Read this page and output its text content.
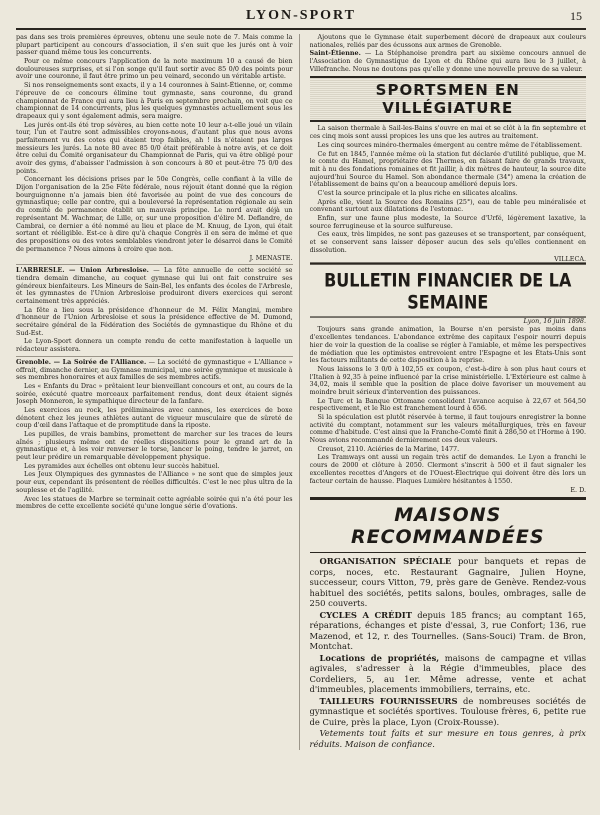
LYON-SPORT	15

pas dans ses trois premières épreuves, obtenu une seule note de 7. Mais comme la plupart participent au concours d'association, il s'en suit que les jurés ont à voir passer quand même tous les concurrents.

Pour ce même concours l'application de la note maximum 10 a causé de bien douloureuses surprises, et si l'on songe qu'il faut sortir avec 85 0/0 des points pour avoir une couronne, il faut être primo un peu veinard, secondo un véritable artiste.

Si nos renseignements sont exacts, il y a 14 couronnes à Saint-Étienne, or, comme l'épreuve de ce concours élimine tout gymnaste, sans couronne, du grand championnat de France qui aura lieu à Paris en septembre prochain, on voit que ce championnat de 14 concurrents, plus les quelques gymnastes actuellement sous les drapeaux qui y sont également admis, sera maigre.

Les jurés ont-ils été trop sévères, au bien cette note 10 leur a-t-elle joué un vilain tour, l'un et l'autre sont admissibles croyons-nous, d'autant plus que nous avons parfaitement vu des cotes qui étaient trop faibles, ah ! ils n'étaient pas larges messieurs les jurés. La note 80 avec 85 0/0 était préférable à notre avis, et ce doit être celui du Comité organisateur du Championnat de Paris, qui va être obligé pour avoir des gyms, d'abaisser l'admission à son concours à 80 et peut-être 75 0/0 des points.

Concernant les décisions prises par le 50e Congrès, celle confiant à la ville de Dijon l'organisation de la 25e Fête fédérale, nous réjouit étant donné que la région bourguignonne n'a jamais bien été favorisée au point de vue des concours de gymnastique; celle par contre, qui a bouleversé la représentation régionale au sein du comité de permanence établit un mauvais principe. Le nord avait déjà un représentant M. Wachmar, de Lille, or, sur une proposition d'élire M. Deflandre, de Cambrai, ce dernier a été nommé au lieu et place de M. Knuug, de Lyon, qui était sortant et rééligible. Est-ce à dire qu'à chaque Congrès il en sera de même et que des propositions ou des votes semblables viendront jeter le désarroi dans le Comité de permanence ? Nous aimons à croire que non.

J. MENASTE.

L'ARBRESLE. — Union Arbresloise. — La fête annuelle de cette société se tiendra demain dimanche, au coquet gymnase qui lui ont fait construire ses généreux bienfaiteurs. Les Mineurs de Sain-Bel, les enfants des écoles de l'Arbresle, et les gymnastes de l'Union Arbresloise produiront divers exercices qui seront certainement très appréciés.

La fête a lieu sous la présidence d'honneur de M. Félix Mangini, membre d'honneur de l'Union Arbresloise et sous la présidence effective de M. Dumond, secrétaire général de la Fédération des Sociétés de gymnastique du Rhône et du Sud-Est.

Le Lyon-Sport donnera un compte rendu de cette manifestation à laquelle un rédacteur assistera.

Grenoble. — La Soirée de l'Alliance. — La société de gymnastique « L'Alliance » offrait, dimanche dernier, au Gymnase municipal, une soirée gymnique et musicale à ses membres honoraires et aux familles de ses membres actifs.

Les « Enfants du Drac » prêtaient leur bienveillant concours et ont, au cours de la soirée, exécuté quatre morceaux parfaitement rendus, dont deux étaient signés Joseph Monneron, le sympathique directeur de la fanfare.

Les exercices au rock, les préliminaires avec cannes, les exercices de boxe dénotent chez les jeunes athlètes autant de vigueur musculaire que de sûreté de coup d'œil dans l'attaque et de promptitude dans la riposte.

Les pupilles, de vrais bambins, promettent de marcher sur les traces de leurs aînés ; plusieurs même ont de réelles dispositions pour le grand art de la gymnastique et, à les voir renverser le torse, lancer le poing, tendre le jarret, on peut leur prédire un remarquable développement physique.

Les pyramides aux échelles ont obtenu leur succès habituel.

Les Jeux Olympiques des gymnastes de l'Alliance » ne sont que de simples jeux pour eux, cependant ils présentent de réelles difficultés. C'est le nec plus ultra de la souplesse et de l'agilité.

Avec les statues de Marbre se terminait cette agréable soirée qui n'a été pour les membres de cette excellente société qu'une longue série d'ovations.

Ajoutons que le Gymnase était superbement décoré de drapeaux aux couleurs nationales, reliés par des écussons aux armes de Grenoble.

Saint-Étienne. — La Stéphanoise prendra part au sixième concours annuel de l'Association de Gymnastique de Lyon et du Rhône qui aura lieu le 3 juillet, à Villefranche. Nous ne doutons pas qu'elle y donne une nouvelle preuve de sa valeur.

SPORTSMEN EN VILLÉGIATURE

La saison thermale à Sail-les-Bains s'ouvre en mai et se clôt à la fin septembre et ces cinq mois sont aussi propices les uns que les autres au traitement.

Les cinq sources minéro-thermales émergent au centre même de l'établissement.

Ce fut en 1845, l'année même où la station fut déclarée d'utilité publique, que M. le comte du Hamel, propriétaire des Thermes, en faisant faire de grands travaux, mit à nu des fondations romaines et fit jaillir, à dix mètres de hauteur, la source dite aujourd'hui Source du Hamel. Son abondance thermale (34°) amena la création de l'établissement de bains qu'on a beaucoup amélioré depuis lors.

C'est la source principale et la plus riche en silicates alcalins.

Après elle, vient la Source des Romains (25°), eau de table peu minéralisée et convenant surtout aux dilatations de l'estomac.

Enfin, sur une faune plus modeste, la Source d'Urfé, légèrement laxative, la source ferrugineuse et la source sulfureuse.

Ces eaux, très limpides, ne sont pas gazeuses et se transportent, par conséquent, et se conservent sans laisser déposer aucun des sels qu'elles contiennent en dissolution.

VILLECA.
BULLETIN FINANCIER DE LA SEMAINE
Lyon, 16 juin 1898.

Toujours sans grande animation, la Bourse n'en persiste pas moins dans d'excellentes tendances. L'abondance extrême des capitaux l'espoir nourri depuis hier de voir la question de la coalise se régler à l'amiable, et même les perspectives de médiation que les optimistes entrevoient entre l'Espagne et les États-Unis sont les facteurs militants de cette disposition à la reprise.

Nous laissons le 3 0/0 à 102,55 ex coupon, c'est-à-dire à son plus haut cours et l'Italien à 92,35 à peine influencé par la crise ministérielle. L'Extérieure est calme à 34,02, mais il semble que la position de place doive favoriser un mouvement au moindre bruit sérieux d'intervention des puissances.

Le Turc et la Banque Ottomane consolident l'avance acquise à 22,67 et 564,50 respectivement, et le Rio est franchement lourd à 656.

Si la spéculation est plutôt réservée à terme, il faut toujours enregistrer la bonne activité du comptant, notamment sur les valeurs métallurgiques, très en faveur comme d'habitude. C'est ainsi que la Franche-Comté finit à 286,50 et l'Horme à 190. Nous avions recommandé dernièrement ces deux valeurs.

Creusot, 2110. Aciéries de la Marine, 1477.

Les Tramways ont aussi un regain très actif de demandes. Le Lyon a franchi le cours de 2000 et clôture à 2050. Clermont s'inscrit à 500 et il faut signaler les excellentes recettes d'Angers et de l'Ouest-Électrique qui doivent être dès lors un facteur certain de hausse. Plaques Lumière hésitantes à 1550.

E. D.
MAISONS RECOMMANDÉES

ORGANISATION SPÉCIALE pour banquets et repas de corps, noces, etc. Restaurant Gagnaire, Julien Hoyne, successeur, cours Vitton, 79, près gare de Genève. Rendez-vous habituel des sociétés, petits salons, boules, ombrages, salle de 250 couverts.

CYCLES A CRÉDIT depuis 185 francs; au comptant 165, réparations, échanges et piste d'essai, 3, rue Confort; 136, rue Mazenod, et 12, r. des Tournelles. (Sans-Souci) Tram. de Bron, Montchat.

Locations de propriétés, maisons de campagne et villas agivales, s'adresser à la Régie d'immeubles, place des Cordeliers, 5, au 1er. Même adresse, vente et achat d'immeubles, placements immobiliers, terrains, etc.

TAILLEURS FOURNISSEURS de nombreuses sociétés de gymnastique et sociétés sportives. Toulouse frères, 6, petite rue de Cuire, près la place, Lyon (Croix-Rousse).

Vetements tout faits et sur mesure en tous genres, à prix réduits. Maison de confiance.
